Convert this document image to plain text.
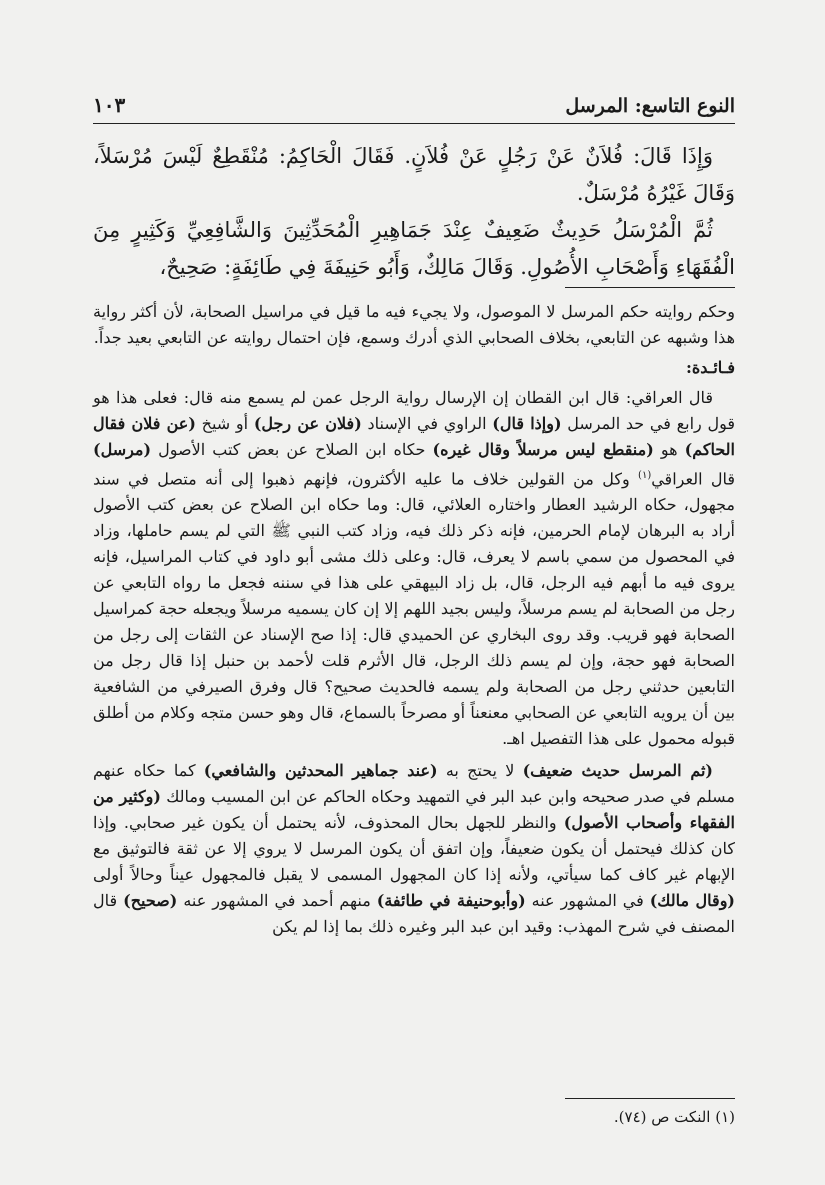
النوع التاسع: المرسل
١٠٣

وَإِذَا قَالَ: فُلاَنٌ عَنْ رَجُلٍ عَنْ فُلاَنٍ. فَقَالَ الْحَاكِمُ: مُنْقَطِعٌ لَيْسَ مُرْسَلاً، وَقَالَ غَيْرُهُ مُرْسَلٌ.

ثُمَّ الْمُرْسَلُ حَدِيثٌ ضَعِيفٌ عِنْدَ جَمَاهِيرِ الْمُحَدِّثِينَ وَالشَّافِعِيِّ وَكَثِيرٍ مِنَ الْفُقَهَاءِ وَأَصْحَابِ الأُصُولِ. وَقَالَ مَالِكٌ، وَأَبُو حَنِيفَةَ فِي طَائِفَةٍ: صَحِيحٌ،

وحكم روايته حكم المرسل لا الموصول، ولا يجيء فيه ما قيل في مراسيل الصحابة، لأن أكثر رواية هذا وشبهه عن التابعي، بخلاف الصحابي الذي أدرك وسمع، فإن احتمال روايته عن التابعي بعيد جداً.

فـائـدة:

قال العراقي: قال ابن القطان إن الإرسال رواية الرجل عمن لم يسمع منه قال: فعلى هذا هو قول رابع في حد المرسل (وإذا قال) الراوي في الإسناد (فلان عن رجل) أو شيخ (عن فلان فقال الحاكم) هو (منقطع ليس مرسلاً وقال غيره) حكاه ابن الصلاح عن بعض كتب الأصول (مرسل) قال العراقي$^{(١)}$ وكل من القولين خلاف ما عليه الأكثرون، فإنهم ذهبوا إلى أنه متصل في سند مجهول، حكاه الرشيد العطار واختاره العلائي، قال: وما حكاه ابن الصلاح عن بعض كتب الأصول أراد به البرهان لإمام الحرمين، فإنه ذكر ذلك فيه، وزاد كتب النبي ﷺ التي لم يسم حاملها، وزاد في المحصول من سمي باسم لا يعرف، قال: وعلى ذلك مشى أبو داود في كتاب المراسيل، فإنه يروى فيه ما أبهم فيه الرجل، قال، بل زاد البيهقي على هذا في سننه فجعل ما رواه التابعي عن رجل من الصحابة لم يسم مرسلاً، وليس بجيد اللهم إلا إن كان يسميه مرسلاً ويجعله حجة كمراسيل الصحابة فهو قريب. وقد روى البخاري عن الحميدي قال: إذا صح الإسناد عن الثقات إلى رجل من الصحابة فهو حجة، وإن لم يسم ذلك الرجل، قال الأثرم قلت لأحمد بن حنبل إذا قال رجل من التابعين حدثني رجل من الصحابة ولم يسمه فالحديث صحيح؟ قال وفرق الصيرفي من الشافعية بين أن يرويه التابعي عن الصحابي معنعناً أو مصرحاً بالسماع، قال وهو حسن متجه وكلام من أطلق قبوله محمول على هذا التفصيل اهـ.

(ثم المرسل حديث ضعيف) لا يحتج به (عند جماهير المحدثين والشافعي) كما حكاه عنهم مسلم في صدر صحيحه وابن عبد البر في التمهيد وحكاه الحاكم عن ابن المسيب ومالك (وكثير من الفقهاء وأصحاب الأصول) والنظر للجهل بحال المحذوف، لأنه يحتمل أن يكون غير صحابي. وإذا كان كذلك فيحتمل أن يكون ضعيفاً، وإن اتفق أن يكون المرسل لا يروي إلا عن ثقة فالتوثيق مع الإبهام غير كاف كما سيأتي، ولأنه إذا كان المجهول المسمى لا يقبل فالمجهول عيناً وحالاً أولى (وقال مالك) في المشهور عنه (وأبوحنيفة في طائفة) منهم أحمد في المشهور عنه (صحيح) قال المصنف في شرح المهذب: وقيد ابن عبد البر وغيره ذلك بما إذا لم يكن

(١) النكت ص (٧٤).
